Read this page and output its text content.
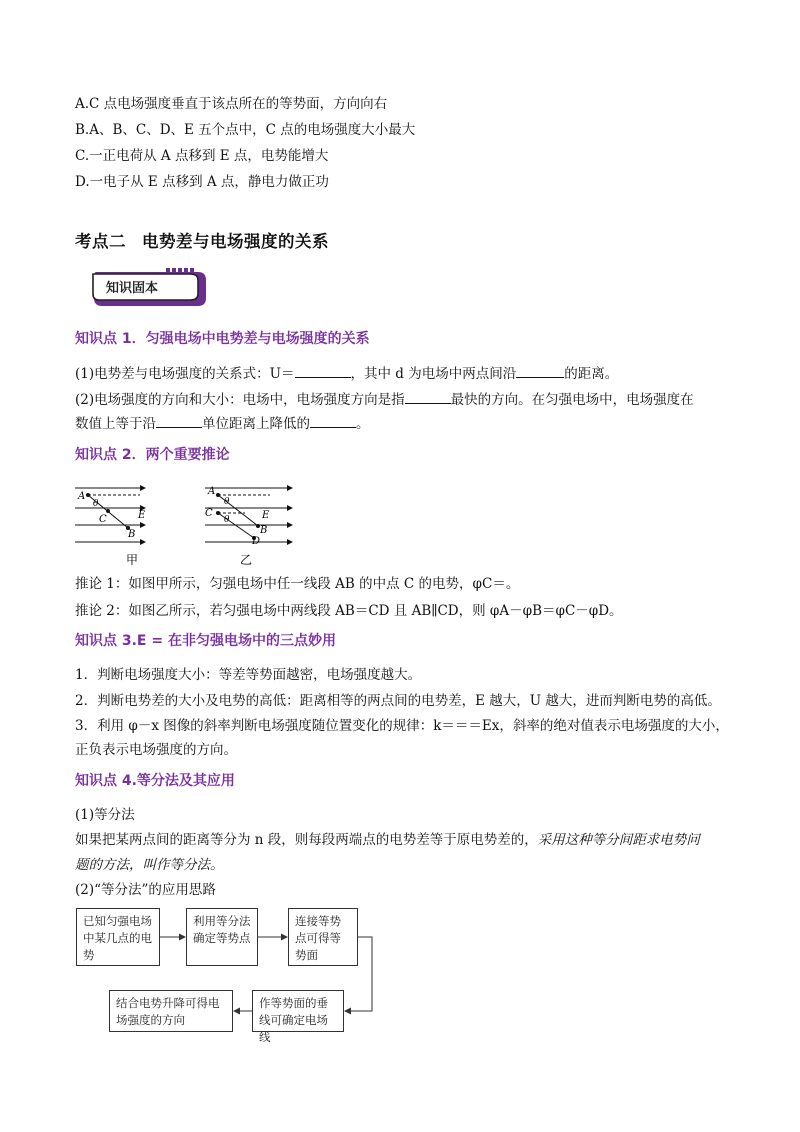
A.C 点电场强度垂直于该点所在的等势面，方向向右
B.A、B、C、D、E 五个点中，C 点的电场强度大小最大
C.一正电荷从 A 点移到 E 点，电势能增大
D.一电子从 E 点移到 A 点，静电力做正功
考点二 电势差与电场强度的关系
知识固本
知识点 1．匀强电场中电势差与电场强度的关系
(1)电势差与电场强度的关系式：U＝	，其中 d 为电场中两点间沿	的距离。
(2)电场强度的方向和大小：电场中，电场强度方向是指	最快的方向。在匀强电场中，电场强度在
数值上等于沿	单位距离上降低的	。
知识点 2．两个重要推论
A
θ
C	E
B
甲
A
θ
C
θ	E
B
D
乙
推论 1：如图甲所示，匀强电场中任一线段 AB 的中点 C 的电势，φC＝。
推论 2：如图乙所示，若匀强电场中两线段 AB＝CD 且 AB∥CD，则 φA－φB＝φC－φD。
知识点 3.E = 在非匀强电场中的三点妙用
1．判断电场强度大小：等差等势面越密，电场强度越大。
2．判断电势差的大小及电势的高低：距离相等的两点间的电势差，E 越大，U 越大，进而判断电势的高低。
3．利用 φ－x 图像的斜率判断电场强度随位置变化的规律：k＝＝＝Ex，斜率的绝对值表示电场强度的大小，
正负表示电场强度的方向。
知识点 4.等分法及其应用
(1)等分法
如果把某两点间的距离等分为 n 段，则每段两端点的电势差等于原电势差的，采用这种等分间距求电势问
题的方法，叫作等分法。
(2)“等分法”的应用思路
已知匀强电场中某几点的电势
利用等分法确定等势点
连接等势点可得等势面
作等势面的垂线可确定电场线
结合电势升降可得电场强度的方向
